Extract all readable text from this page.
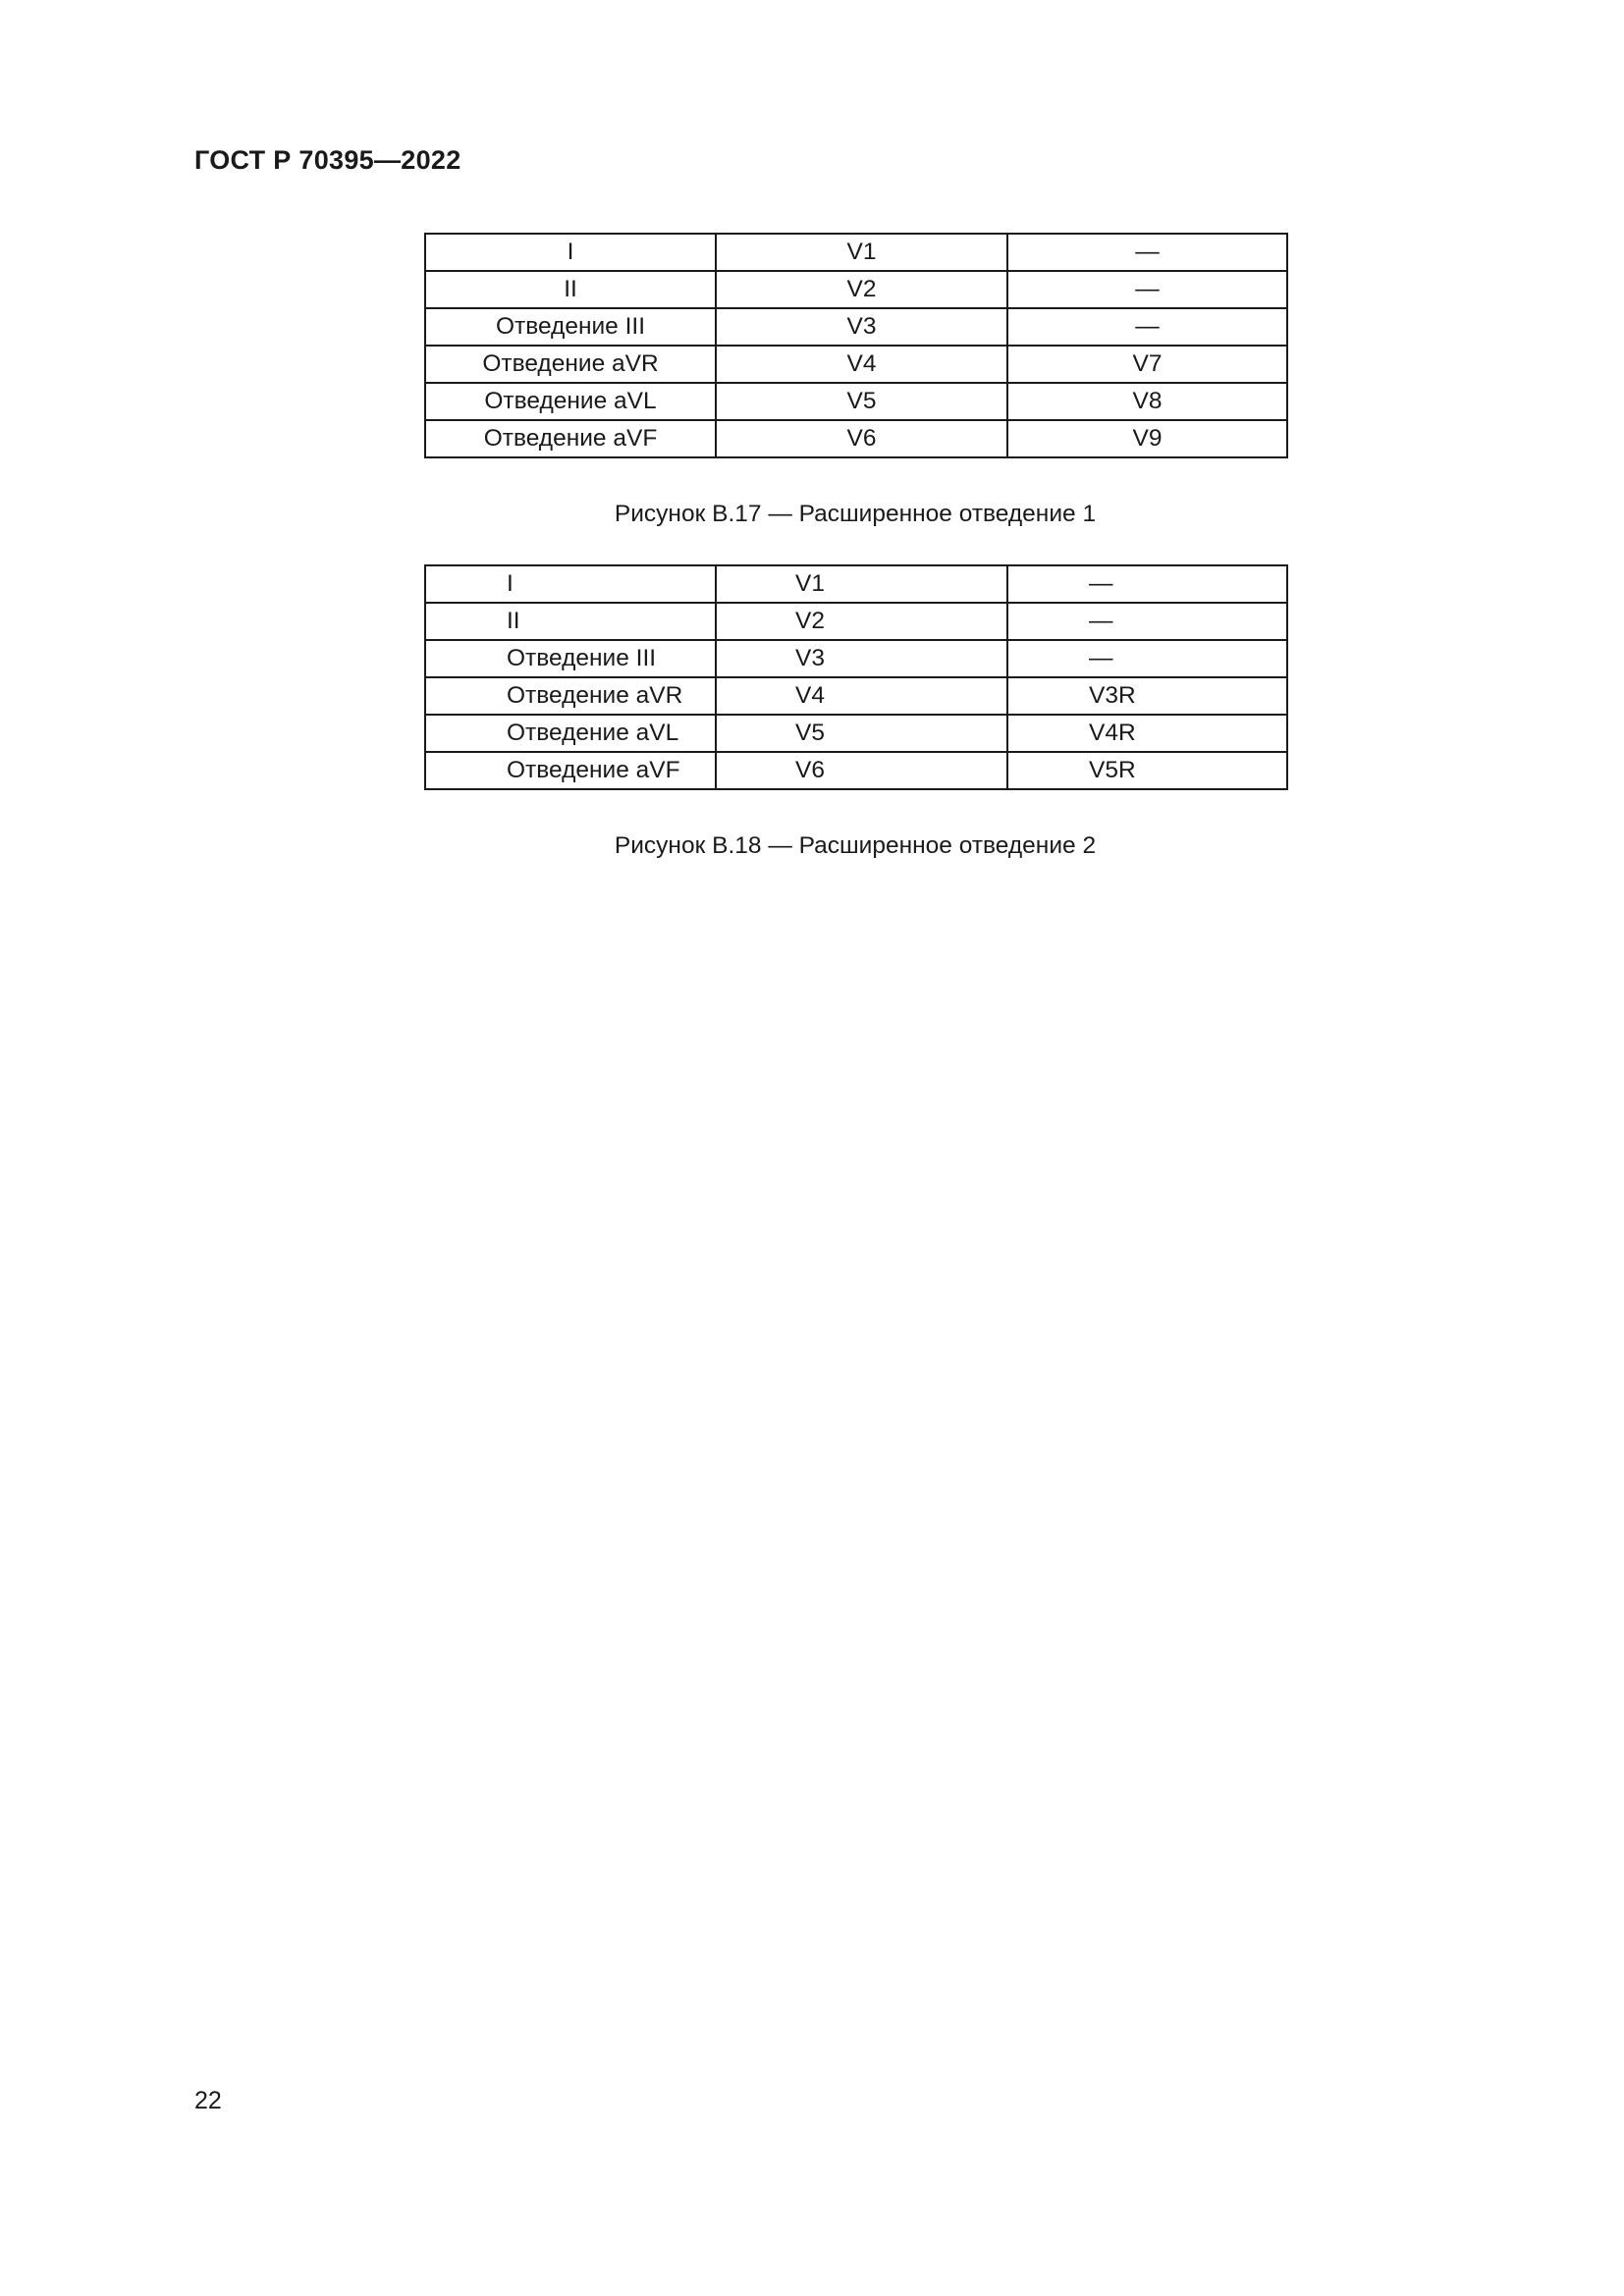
ГОСТ Р 70395—2022
I	V1	—
II	V2	—
Отведение III	V3	—
Отведение aVR	V4	V7
Отведение aVL	V5	V8
Отведение aVF	V6	V9
Рисунок В.17 — Расширенное отведение 1
I	V1	—
II	V2	—
Отведение III	V3	—
Отведение aVR	V4	V3R
Отведение aVL	V5	V4R
Отведение aVF	V6	V5R
Рисунок В.18 — Расширенное отведение 2
22
